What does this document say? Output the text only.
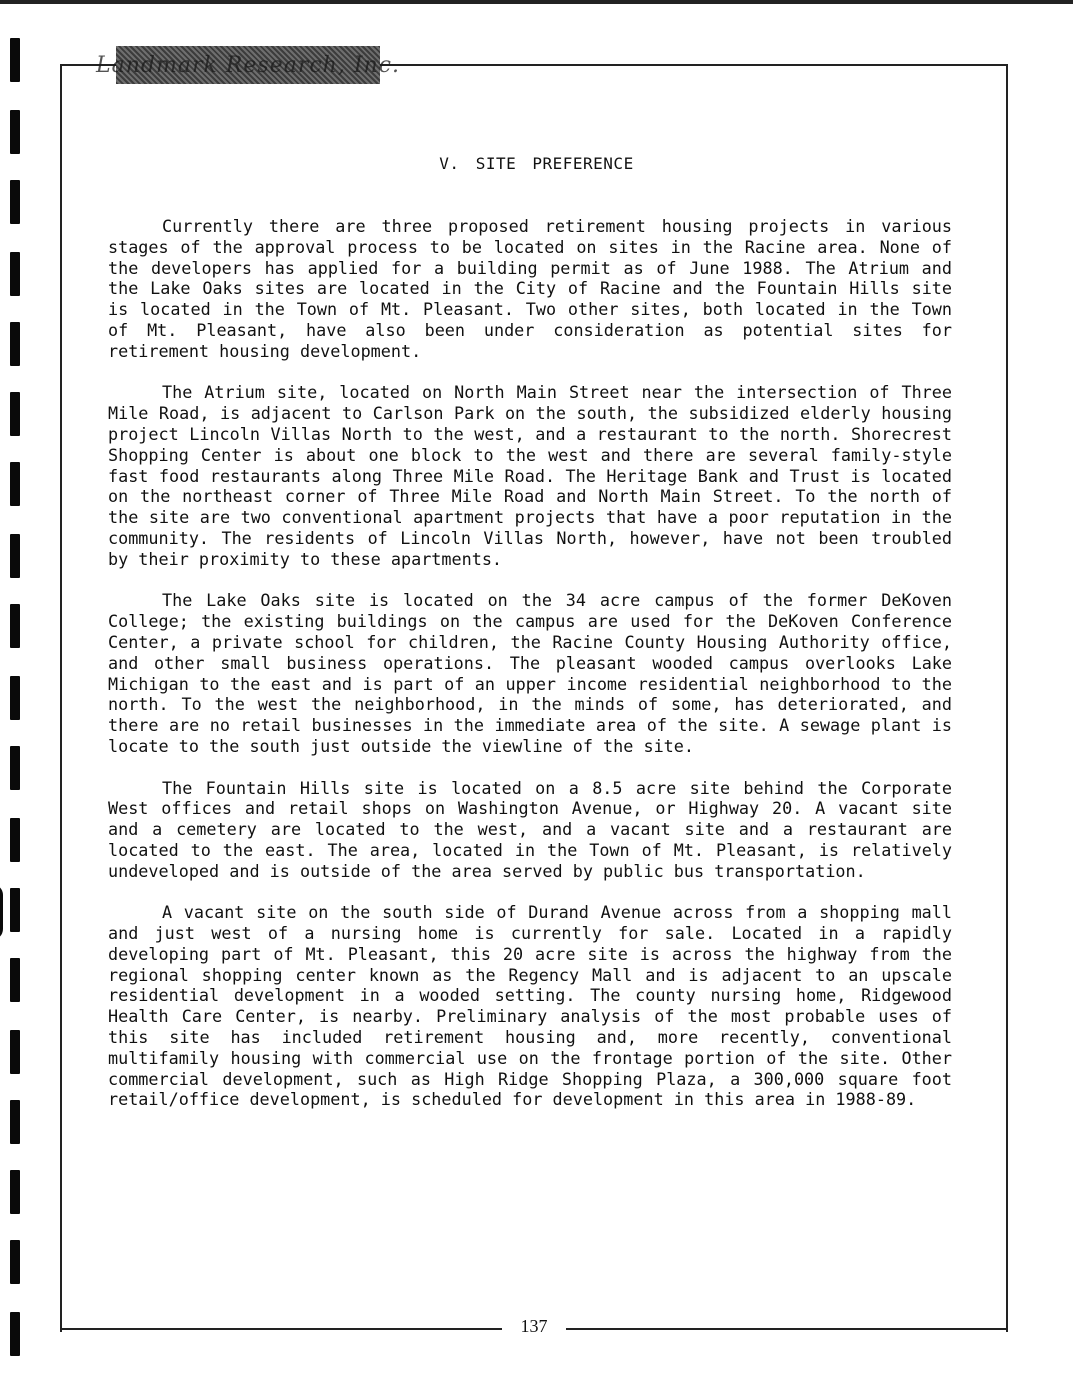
Landmark Research, Inc.
V. SITE PREFERENCE

Currently there are three proposed retirement housing projects in various stages of the approval process to be located on sites in the Racine area. None of the developers has applied for a building permit as of June 1988. The Atrium and the Lake Oaks sites are located in the City of Racine and the Fountain Hills site is located in the Town of Mt. Pleasant. Two other sites, both located in the Town of Mt. Pleasant, have also been under consideration as potential sites for retirement housing development.

The Atrium site, located on North Main Street near the intersection of Three Mile Road, is adjacent to Carlson Park on the south, the subsidized elderly housing project Lincoln Villas North to the west, and a restaurant to the north. Shorecrest Shopping Center is about one block to the west and there are several family-style fast food restaurants along Three Mile Road. The Heritage Bank and Trust is located on the northeast corner of Three Mile Road and North Main Street. To the north of the site are two conventional apartment projects that have a poor reputation in the community. The residents of Lincoln Villas North, however, have not been troubled by their proximity to these apartments.

The Lake Oaks site is located on the 34 acre campus of the former DeKoven College; the existing buildings on the campus are used for the DeKoven Conference Center, a private school for children, the Racine County Housing Authority office, and other small business operations. The pleasant wooded campus overlooks Lake Michigan to the east and is part of an upper income residential neighborhood to the north. To the west the neighborhood, in the minds of some, has deteriorated, and there are no retail businesses in the immediate area of the site. A sewage plant is locate to the south just outside the viewline of the site.

The Fountain Hills site is located on a 8.5 acre site behind the Corporate West offices and retail shops on Washington Avenue, or Highway 20. A vacant site and a cemetery are located to the west, and a vacant site and a restaurant are located to the east. The area, located in the Town of Mt. Pleasant, is relatively undeveloped and is outside of the area served by public bus transportation.

A vacant site on the south side of Durand Avenue across from a shopping mall and just west of a nursing home is currently for sale. Located in a rapidly developing part of Mt. Pleasant, this 20 acre site is across the highway from the regional shopping center known as the Regency Mall and is adjacent to an upscale residential development in a wooded setting. The county nursing home, Ridgewood Health Care Center, is nearby. Preliminary analysis of the most probable uses of this site has included retirement housing and, more recently, conventional multifamily housing with commercial use on the frontage portion of the site. Other commercial development, such as High Ridge Shopping Plaza, a 300,000 square foot retail/office development, is scheduled for development in this area in 1988-89.

137
